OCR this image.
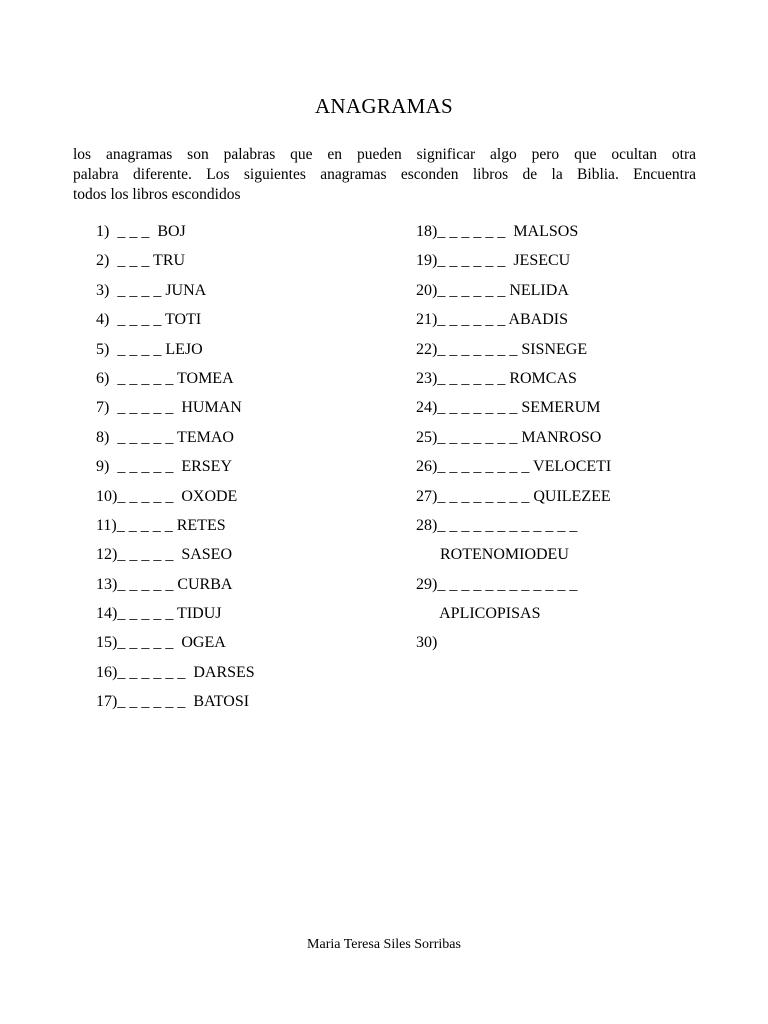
ANAGRAMAS

los anagramas son palabras que en pueden significar algo pero que ocultan otra
palabra diferente. Los siguientes anagramas esconden libros de la Biblia. Encuentra
todos los libros escondidos

1)  _ _ _  BOJ
2)  _ _ _ TRU
3)  _ _ _ _ JUNA
4)  _ _ _ _ TOTI
5)  _ _ _ _ LEJO
6)  _ _ _ _ _ TOMEA
7)  _ _ _ _ _  HUMAN
8)  _ _ _ _ _ TEMAO
9)  _ _ _ _ _  ERSEY
10)_ _ _ _ _  OXODE
11)_ _ _ _ _ RETES
12)_ _ _ _ _  SASEO
13)_ _ _ _ _ CURBA
14)_ _ _ _ _ TIDUJ
15)_ _ _ _ _  OGEA
16)_ _ _ _ _ _  DARSES
17)_ _ _ _ _ _  BATOSI
18)_ _ _ _ _ _  MALSOS
19)_ _ _ _ _ _  JESECU
20)_ _ _ _ _ _ NELIDA
21)_ _ _ _ _ _ ABADIS
22)_ _ _ _ _ _ _ SISNEGE
23)_ _ _ _ _ _ ROMCAS
24)_ _ _ _ _ _ _ SEMERUM
25)_ _ _ _ _ _ _ MANROSO
26)_ _ _ _ _ _ _ _ VELOCETI
27)_ _ _ _ _ _ _ _ QUILEZEE
28)_ _ _ _ _ _ _ _ _ _ _ _
ROTENOMIODEU
29)_ _ _ _ _ _ _ _ _ _ _ _
APLICOPISAS
30)

Maria Teresa Siles Sorribas
